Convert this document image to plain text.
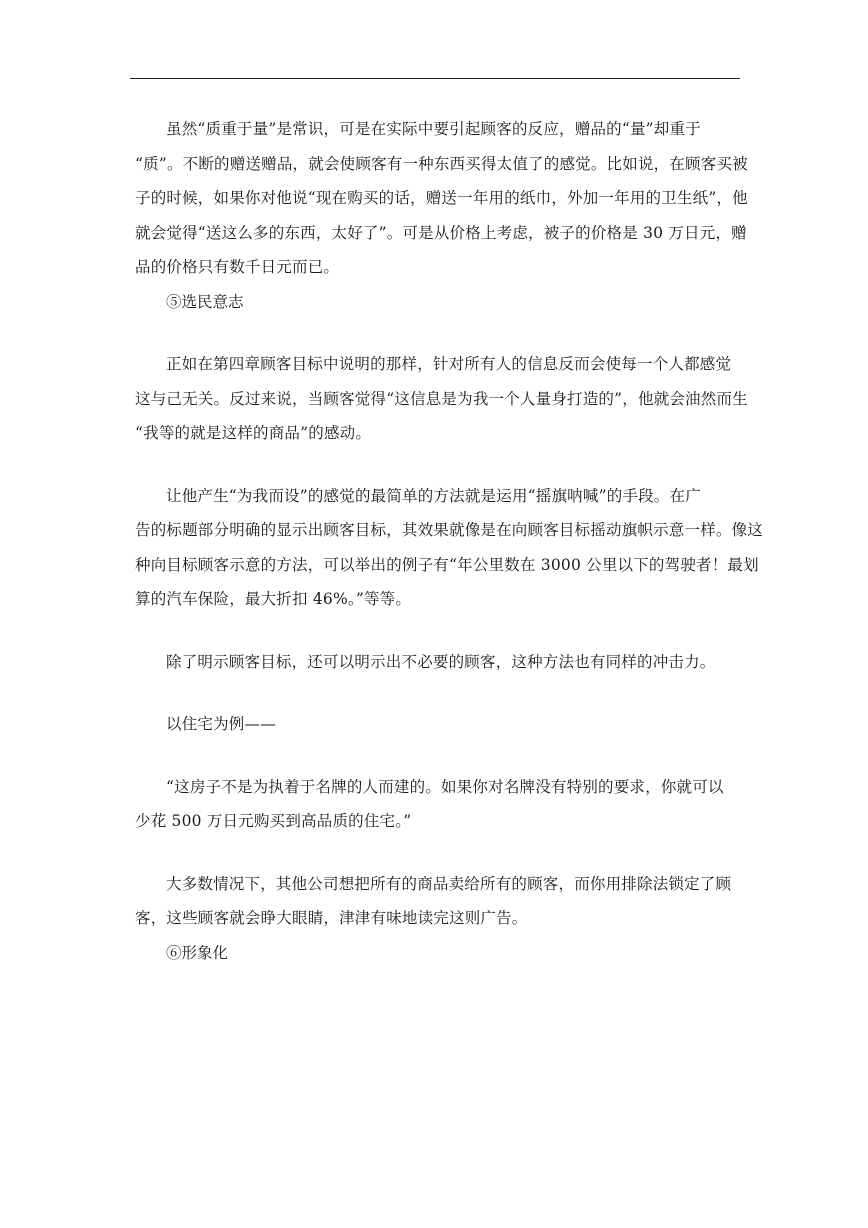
虽然“质重于量”是常识，可是在实际中要引起顾客的反应，赠品的“量”却重于
“质”。不断的赠送赠品，就会使顾客有一种东西买得太值了的感觉。比如说，在顾客买被
子的时候，如果你对他说“现在购买的话，赠送一年用的纸巾，外加一年用的卫生纸”，他
就会觉得“送这么多的东西，太好了”。可是从价格上考虑，被子的价格是 30 万日元，赠
品的价格只有数千日元而已。

⑤选民意志

正如在第四章顾客目标中说明的那样，针对所有人的信息反而会使每一个人都感觉
这与己无关。反过来说，当顾客觉得“这信息是为我一个人量身打造的”，他就会油然而生
“我等的就是这样的商品”的感动。

让他产生“为我而设”的感觉的最简单的方法就是运用“摇旗呐喊”的手段。在广
告的标题部分明确的显示出顾客目标，其效果就像是在向顾客目标摇动旗帜示意一样。像这
种向目标顾客示意的方法，可以举出的例子有“年公里数在 3000 公里以下的驾驶者！最划
算的汽车保险，最大折扣 46%。”等等。

除了明示顾客目标，还可以明示出不必要的顾客，这种方法也有同样的冲击力。

以住宅为例——

“这房子不是为执着于名牌的人而建的。如果你对名牌没有特别的要求，你就可以
少花 500 万日元购买到高品质的住宅。”

大多数情况下，其他公司想把所有的商品卖给所有的顾客，而你用排除法锁定了顾
客，这些顾客就会睁大眼睛，津津有味地读完这则广告。

⑥形象化
